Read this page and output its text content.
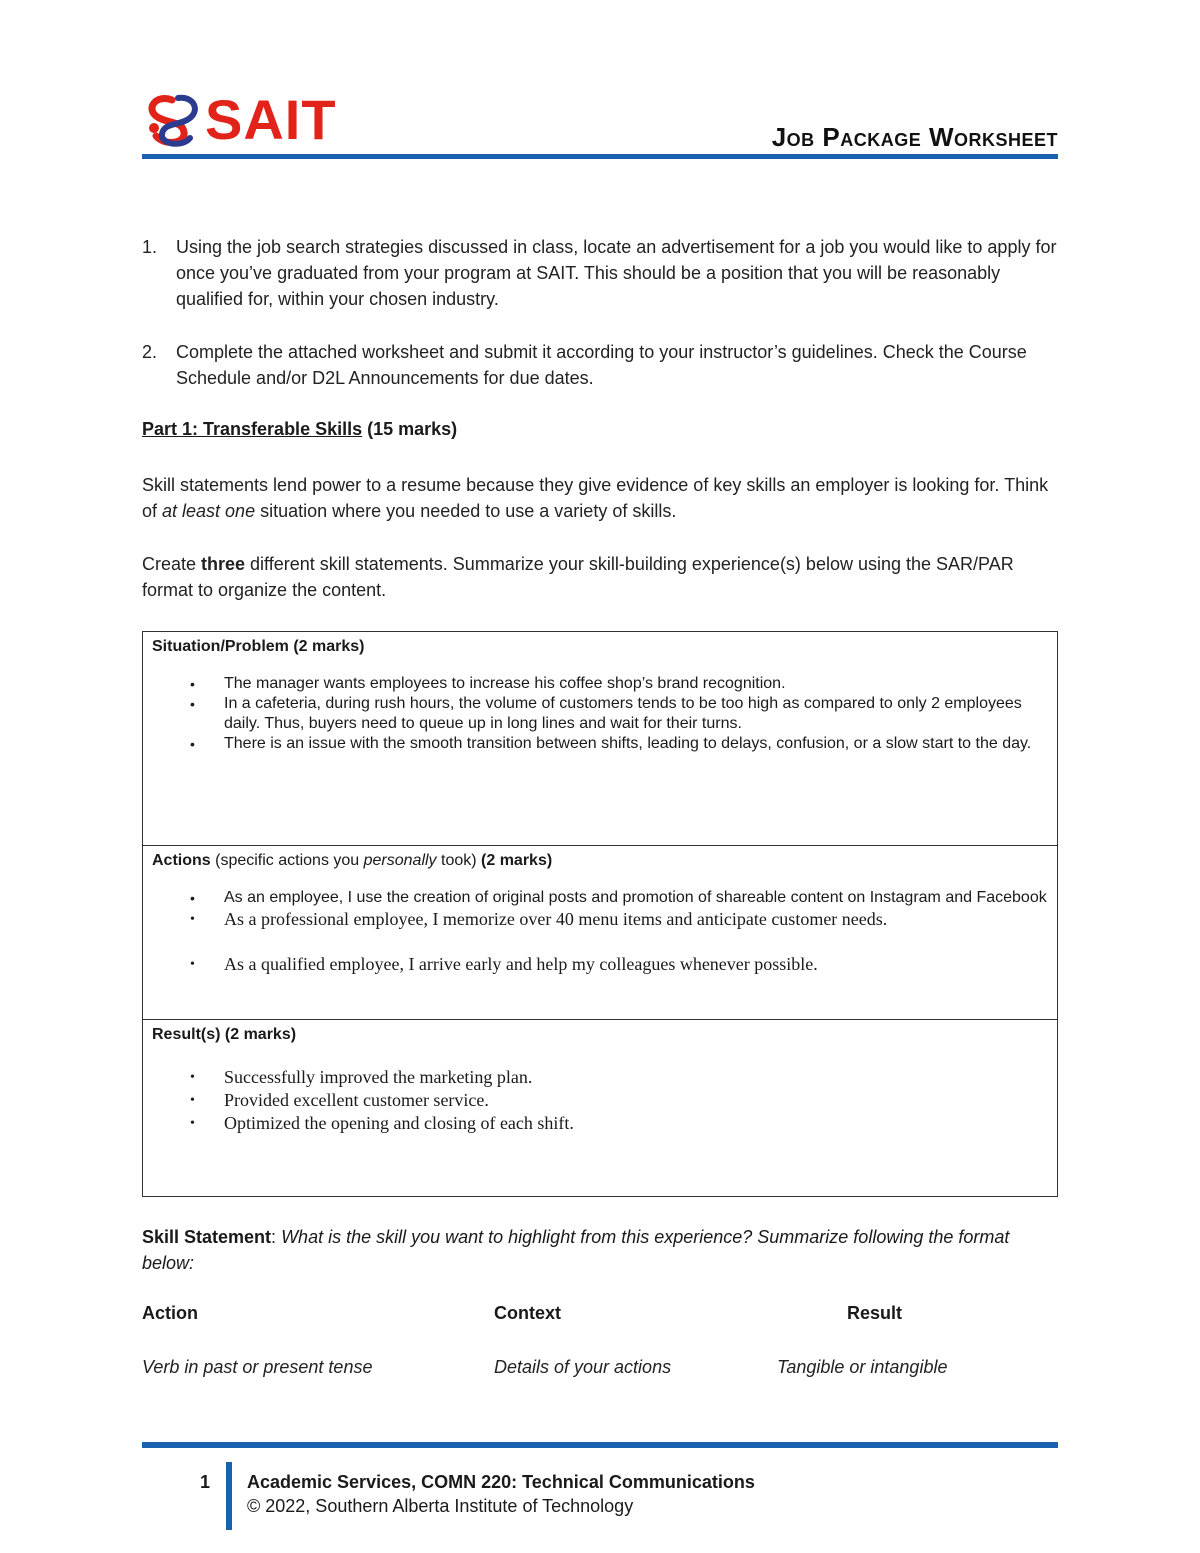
SAIT	Job Package Worksheet
1. Using the job search strategies discussed in class, locate an advertisement for a job you would like to apply for once you’ve graduated from your program at SAIT. This should be a position that you will be reasonably qualified for, within your chosen industry.
2. Complete the attached worksheet and submit it according to your instructor’s guidelines. Check the Course Schedule and/or D2L Announcements for due dates.
Part 1: Transferable Skills (15 marks)
Skill statements lend power to a resume because they give evidence of key skills an employer is looking for. Think of at least one situation where you needed to use a variety of skills.
Create three different skill statements. Summarize your skill-building experience(s) below using the SAR/PAR format to organize the content.
Situation/Problem (2 marks)
• The manager wants employees to increase his coffee shop’s brand recognition.
• In a cafeteria, during rush hours, the volume of customers tends to be too high as compared to only 2 employees daily. Thus, buyers need to queue up in long lines and wait for their turns.
• There is an issue with the smooth transition between shifts, leading to delays, confusion, or a slow start to the day.
Actions (specific actions you personally took) (2 marks)
• As an employee, I use the creation of original posts and promotion of shareable content on Instagram and Facebook
• As a professional employee, I memorize over 40 menu items and anticipate customer needs.
• As a qualified employee, I arrive early and help my colleagues whenever possible.
Result(s) (2 marks)
• Successfully improved the marketing plan.
• Provided excellent customer service.
• Optimized the opening and closing of each shift.
Skill Statement: What is the skill you want to highlight from this experience? Summarize following the format below:
Action	Context	Result
Verb in past or present tense	Details of your actions	Tangible or intangible
1 Academic Services, COMN 220: Technical Communications
© 2022, Southern Alberta Institute of Technology
